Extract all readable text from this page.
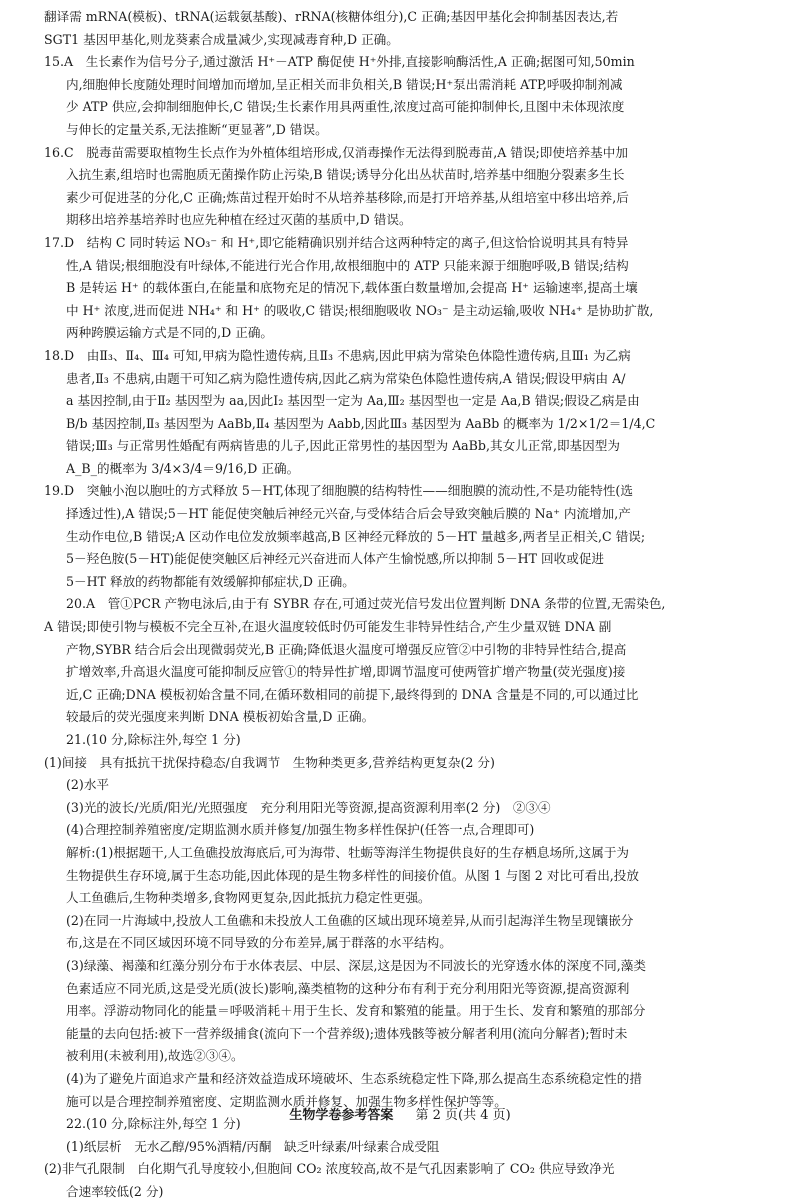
翻译需 mRNA(模板)、tRNA(运载氨基酸)、rRNA(核糖体组分),C 正确;基因甲基化会抑制基因表达,若

SGT1 基因甲基化,则龙葵素合成量减少,实现减毒育种,D 正确。

15.A　生长素作为信号分子,通过激活 H⁺－ATP 酶促使 H⁺外排,直接影响酶活性,A 正确;据图可知,50min

内,细胞伸长度随处理时间增加而增加,呈正相关而非负相关,B 错误;H⁺泵出需消耗 ATP,呼吸抑制剂减

少 ATP 供应,会抑制细胞伸长,C 错误;生长素作用具两重性,浓度过高可能抑制伸长,且图中未体现浓度

与伸长的定量关系,无法推断“更显著”,D 错误。

16.C　脱毒苗需要取植物生长点作为外植体组培形成,仅消毒操作无法得到脱毒苗,A 错误;即使培养基中加

入抗生素,组培时也需胞质无菌操作防止污染,B 错误;诱导分化出丛状苗时,培养基中细胞分裂素多生长

素少可促进茎的分化,C 正确;炼苗过程开始时不从培养基移除,而是打开培养基,从组培室中移出培养,后

期移出培养基培养时也应先种植在经过灭菌的基质中,D 错误。

17.D　结构 C 同时转运 NO₃⁻ 和 H⁺,即它能精确识别并结合这两种特定的离子,但这恰恰说明其具有特异

性,A 错误;根细胞没有叶绿体,不能进行光合作用,故根细胞中的 ATP 只能来源于细胞呼吸,B 错误;结构

B 是转运 H⁺ 的载体蛋白,在能量和底物充足的情况下,载体蛋白数量增加,会提高 H⁺ 运输速率,提高土壤

中 H⁺ 浓度,进而促进 NH₄⁺ 和 H⁺ 的吸收,C 错误;根细胞吸收 NO₃⁻ 是主动运输,吸收 NH₄⁺ 是协助扩散,

两种跨膜运输方式是不同的,D 正确。

18.D　由Ⅱ₃、Ⅱ₄、Ⅲ₄ 可知,甲病为隐性遗传病,且Ⅱ₃ 不患病,因此甲病为常染色体隐性遗传病,且Ⅲ₁ 为乙病

患者,Ⅱ₃ 不患病,由题干可知乙病为隐性遗传病,因此乙病为常染色体隐性遗传病,A 错误;假设甲病由 A/

a 基因控制,由于Ⅱ₂ 基因型为 aa,因此Ⅰ₂ 基因型一定为 Aa,Ⅲ₂ 基因型也一定是 Aa,B 错误;假设乙病是由

B/b 基因控制,Ⅱ₃ 基因型为 AaBb,Ⅱ₄ 基因型为 Aabb,因此Ⅲ₃ 基因型为 AaBb 的概率为 1/2×1/2＝1/4,C

错误;Ⅲ₃ 与正常男性婚配有两病皆患的儿子,因此正常男性的基因型为 AaBb,其女儿正常,即基因型为

A_B_的概率为 3/4×3/4＝9/16,D 正确。

19.D　突触小泡以胞吐的方式释放 5－HT,体现了细胞膜的结构特性——细胞膜的流动性,不是功能特性(选

择透过性),A 错误;5－HT 能促使突触后神经元兴奋,与受体结合后会导致突触后膜的 Na⁺ 内流增加,产

生动作电位,B 错误;A 区动作电位发放频率越高,B 区神经元释放的 5－HT 量越多,两者呈正相关,C 错误;

5－羟色胺(5－HT)能促使突触区后神经元兴奋进而人体产生愉悦感,所以抑制 5－HT 回收或促进

5－HT 释放的药物都能有效缓解抑郁症状,D 正确。

20.A　管①PCR 产物电泳后,由于有 SYBR 存在,可通过荧光信号发出位置判断 DNA 条带的位置,无需染色,

A 错误;即使引物与模板不完全互补,在退火温度较低时仍可能发生非特异性结合,产生少量双链 DNA 副

产物,SYBR 结合后会出现微弱荧光,B 正确;降低退火温度可增强反应管②中引物的非特异性结合,提高

扩增效率,升高退火温度可能抑制反应管①的特异性扩增,即调节温度可使两管扩增产物量(荧光强度)接

近,C 正确;DNA 模板初始含量不同,在循环数相同的前提下,最终得到的 DNA 含量是不同的,可以通过比

较最后的荧光强度来判断 DNA 模板初始含量,D 正确。

21.(10 分,除标注外,每空 1 分)

(1)间接　具有抵抗干扰保持稳态/自我调节　生物种类更多,营养结构更复杂(2 分)

(2)水平

(3)光的波长/光质/阳光/光照强度　充分利用阳光等资源,提高资源利用率(2 分)　②③④

(4)合理控制养殖密度/定期监测水质并修复/加强生物多样性保护(任答一点,合理即可)

解析:(1)根据题干,人工鱼礁投放海底后,可为海带、牡蛎等海洋生物提供良好的生存栖息场所,这属于为

生物提供生存环境,属于生态功能,因此体现的是生物多样性的间接价值。从图 1 与图 2 对比可看出,投放

人工鱼礁后,生物种类增多,食物网更复杂,因此抵抗力稳定性更强。

(2)在同一片海域中,投放人工鱼礁和未投放人工鱼礁的区域出现环境差异,从而引起海洋生物呈现镶嵌分

布,这是在不同区域因环境不同导致的分布差异,属于群落的水平结构。

(3)绿藻、褐藻和红藻分别分布于水体表层、中层、深层,这是因为不同波长的光穿透水体的深度不同,藻类

色素适应不同光质,这是受光质(波长)影响,藻类植物的这种分布有利于充分利用阳光等资源,提高资源利

用率。浮游动物同化的能量＝呼吸消耗＋用于生长、发育和繁殖的能量。用于生长、发育和繁殖的那部分

能量的去向包括:被下一营养级捕食(流向下一个营养级);遗体残骸等被分解者利用(流向分解者);暂时未

被利用(未被利用),故选②③④。

(4)为了避免片面追求产量和经济效益造成环境破坏、生态系统稳定性下降,那么提高生态系统稳定性的措

施可以是合理控制养殖密度、定期监测水质并修复、加强生物多样性保护等等。

22.(10 分,除标注外,每空 1 分)

(1)纸层析　无水乙醇/95%酒精/丙酮　缺乏叶绿素/叶绿素合成受阻

(2)非气孔限制　白化期气孔导度较小,但胞间 CO₂ 浓度较高,故不是气孔因素影响了 CO₂ 供应导致净光

合速率较低(2 分)

生物学卷参考答案 第 2 页(共 4 页)
